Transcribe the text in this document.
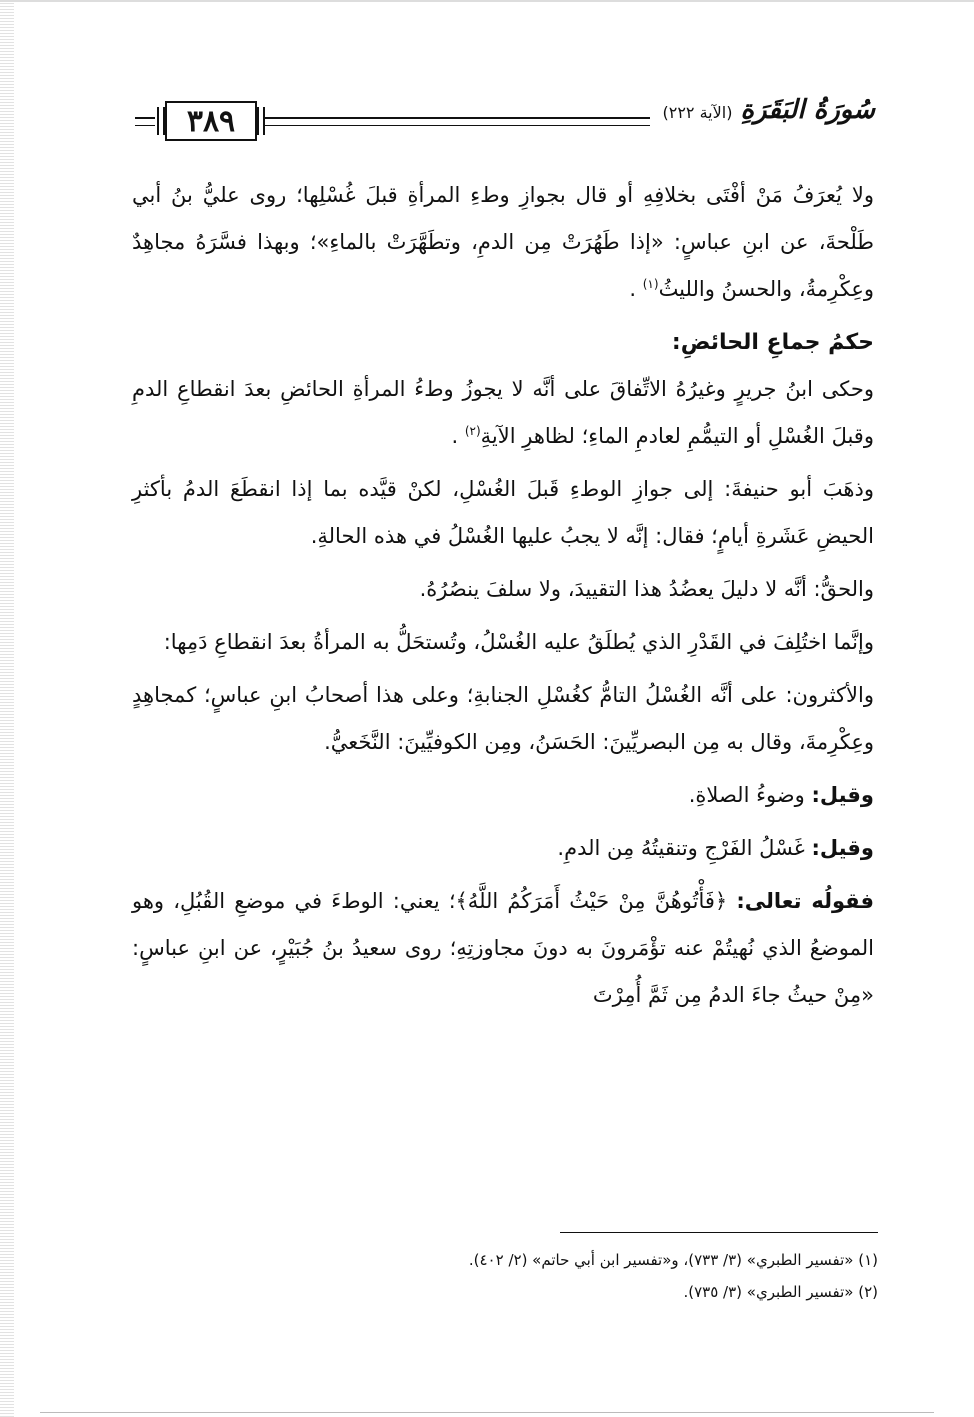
٣٨٩	سُورَةُ البَقَرَةِ
(الآية ٢٢٢)

ولا يُعرَفُ مَنْ أفْتَى بخلافِهِ أو قال بجوازِ وطءِ المرأةِ قبلَ غُسْلِها؛ روى عليُّ بنُ أبي طَلْحةَ، عن ابنِ عباسٍ: «إذا طَهُرَتْ مِن الدمِ، وتطَهَّرَتْ بالماءِ»؛ وبهذا فسَّرَهُ مجاهِدٌ وعِكْرِمةُ، والحسنُ والليثُ$^{(١)}$ .

حكمُ جماعِ الحائضِ:

وحكى ابنُ جريرٍ وغيرُهُ الاتِّفاقَ على أنَّه لا يجوزُ وطءُ المرأةِ الحائضِ بعدَ انقطاعِ الدمِ وقبلَ الغُسْلِ أو التيمُّمِ لعادمِ الماءِ؛ لظاهرِ الآيةِ$^{(٢)}$ .

وذهَبَ أبو حنيفةَ: إلى جوازِ الوطءِ قَبلَ الغُسْلِ، لكنْ قيَّده بما إذا انقطَعَ الدمُ بأكثرِ الحيضِ عَشَرةِ أيامٍ؛ فقال: إنَّه لا يجبُ عليها الغُسْلُ في هذه الحالةِ.

والحقُّ: أنَّه لا دليلَ يعضُدُ هذا التقييدَ، ولا سلفَ ينصُرُهُ.

وإنَّما اختُلِفَ في القَدْرِ الذي يُطلَقُ عليه الغُسْلُ، وتُستحَلُّ به المرأةُ بعدَ انقطاعِ دَمِها:

والأكثرون: على أنَّه الغُسْلُ التامُّ كغُسْلِ الجنابةِ؛ وعلى هذا أصحابُ ابنِ عباسٍ؛ كمجاهِدٍ وعِكْرِمةَ، وقال به مِن البصريِّينَ: الحَسَنُ، ومِن الكوفيِّينَ: النَّخَعيُّ.

وقيل: وضوءُ الصلاةِ.

وقيل: غَسْلُ الفَرْجِ وتنقيتُهُ مِن الدمِ.

فقولُه تعالى: ﴿فَأْتُوهُنَّ مِنْ حَيْثُ أَمَرَكُمُ اللَّهُ﴾؛ يعني: الوطءَ في موضعِ القُبُلِ، وهو الموضعُ الذي نُهيتُمْ عنه تؤْمَرونَ به دونَ مجاوزتِهِ؛ روى سعيدُ بنُ جُبَيْرٍ، عن ابنِ عباسٍ: «مِنْ حيثُ جاءَ الدمُ مِن ثَمَّ أُمِرْتَ

(١) «تفسير الطبري» (٣/ ٧٣٣)، و«تفسير ابن أبي حاتم» (٢/ ٤٠٢).
(٢) «تفسير الطبري» (٣/ ٧٣٥).
